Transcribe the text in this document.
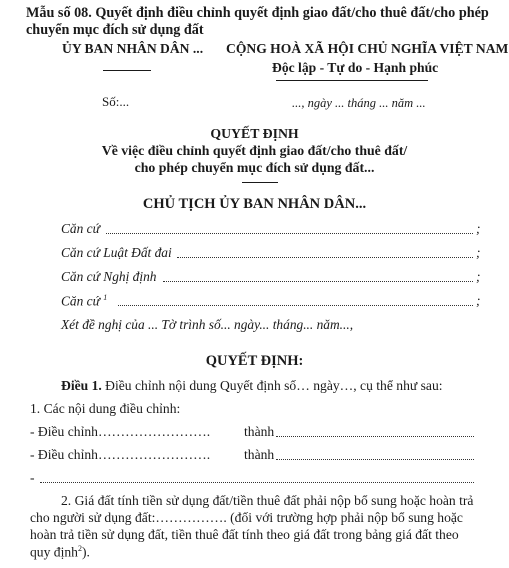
Mẫu số 08. Quyết định điều chỉnh quyết định giao đất/cho thuê đất/cho phép
chuyển mục đích sử dụng đất
ỦY BAN NHÂN DÂN ... CỘNG HOÀ XÃ HỘI CHỦ NGHĨA VIỆT NAM
Độc lập - Tự do - Hạnh phúc
Số:...	..., ngày ... tháng ... năm ...
QUYẾT ĐỊNH
Về việc điều chỉnh quyết định giao đất/cho thuê đất/
cho phép chuyển mục đích sử dụng đất...
CHỦ TỊCH ỦY BAN NHÂN DÂN...
Căn cứ	;
Căn cứ Luật Đất đai	;
Căn cứ Nghị định	;
Căn cứ $^1$	;
Xét đề nghị của ... Tờ trình số... ngày... tháng... năm...,
QUYẾT ĐỊNH:
Điều 1. Điều chỉnh nội dung Quyết định số… ngày…, cụ thể như sau:
1. Các nội dung điều chỉnh:
- Điều chỉnh……………………. thành
- Điều chỉnh……………………. thành
-
2. Giá đất tính tiền sử dụng đất/tiền thuê đất phải nộp bổ sung hoặc hoàn trả
cho người sử dụng đất:……………. (đối với trường hợp phải nộp bổ sung hoặc
hoàn trả tiền sử dụng đất, tiền thuê đất tính theo giá đất trong bảng giá đất theo
quy định$^2$).
